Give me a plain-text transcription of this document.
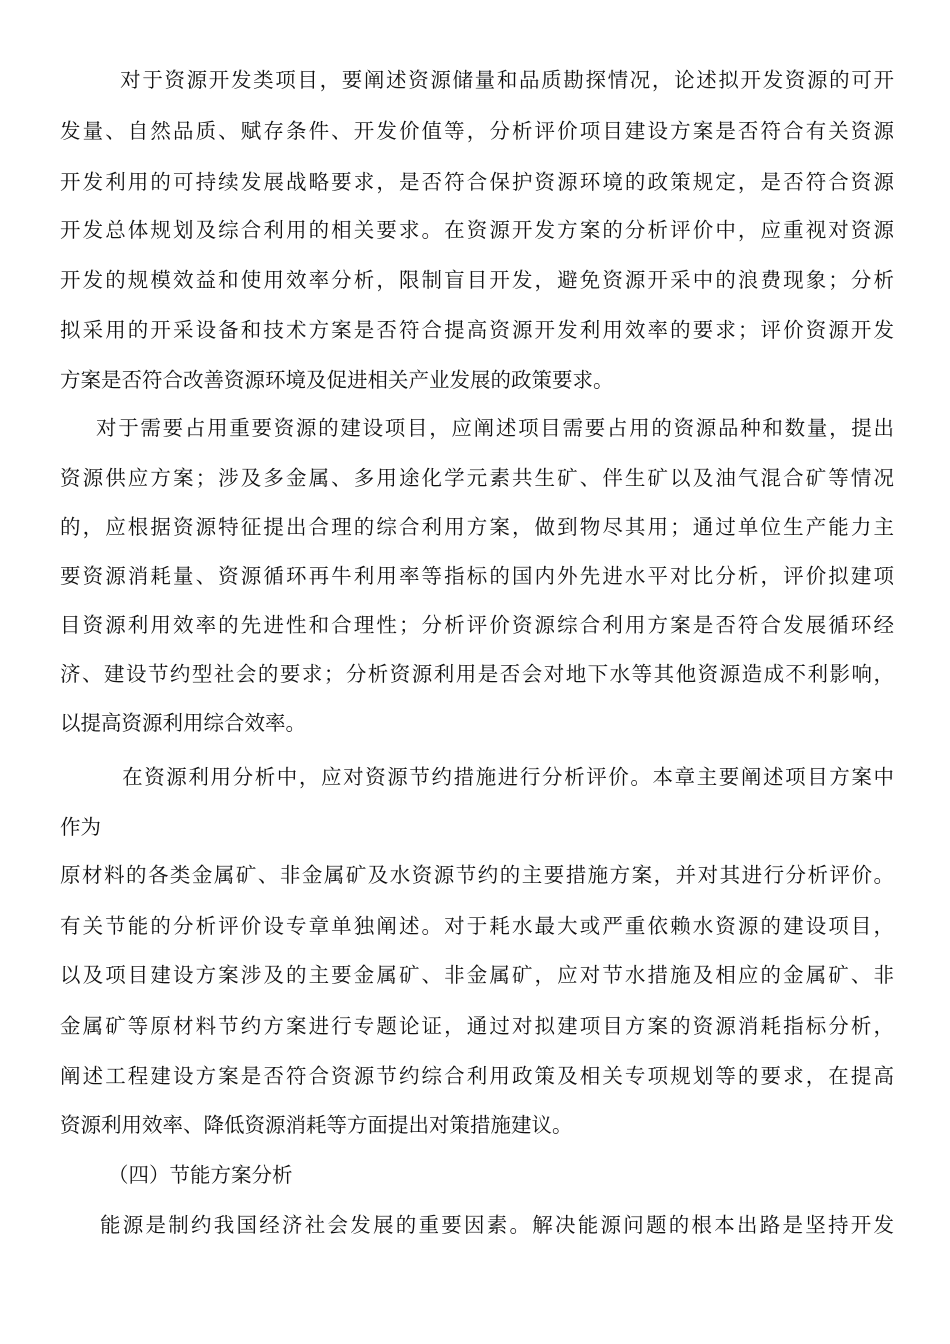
　对于资源开发类项目，要阐述资源储量和品质勘探情况，论述拟开发资源的可开
发量、自然品质、赋存条件、开发价值等，分析评价项目建设方案是否符合有关资源
开发利用的可持续发展战略要求，是否符合保护资源环境的政策规定，是否符合资源
开发总体规划及综合利用的相关要求。在资源开发方案的分析评价中，应重视对资源
开发的规模效益和使用效率分析，限制盲目开发，避免资源开采中的浪费现象；分析
拟采用的开采设备和技术方案是否符合提高资源开发利用效率的要求；评价资源开发
方案是否符合改善资源环境及促进相关产业发展的政策要求。
对于需要占用重要资源的建设项目，应阐述项目需要占用的资源品种和数量，提出
资源供应方案；涉及多金属、多用途化学元素共生矿、伴生矿以及油气混合矿等情况
的，应根据资源特征提出合理的综合利用方案，做到物尽其用；通过单位生产能力主
要资源消耗量、资源循环再牛利用率等指标的国内外先进水平对比分析，评价拟建项
目资源利用效率的先进性和合理性；分析评价资源综合利用方案是否符合发展循环经
济、建设节约型社会的要求；分析资源利用是否会对地下水等其他资源造成不利影响，
以提高资源利用综合效率。
　在资源利用分析中，应对资源节约措施进行分析评价。本章主要阐述项目方案中
作为
原材料的各类金属矿、非金属矿及水资源节约的主要措施方案，并对其进行分析评价。
有关节能的分析评价设专章单独阐述。对于耗水最大或严重依赖水资源的建设项目，
以及项目建设方案涉及的主要金属矿、非金属矿，应对节水措施及相应的金属矿、非
金属矿等原材料节约方案进行专题论证，通过对拟建项目方案的资源消耗指标分析，
阐述工程建设方案是否符合资源节约综合利用政策及相关专项规划等的要求，在提高
资源利用效率、降低资源消耗等方面提出对策措施建议。
（四）节能方案分析
能源是制约我国经济社会发展的重要因素。解决能源问题的根本出路是坚持开发
